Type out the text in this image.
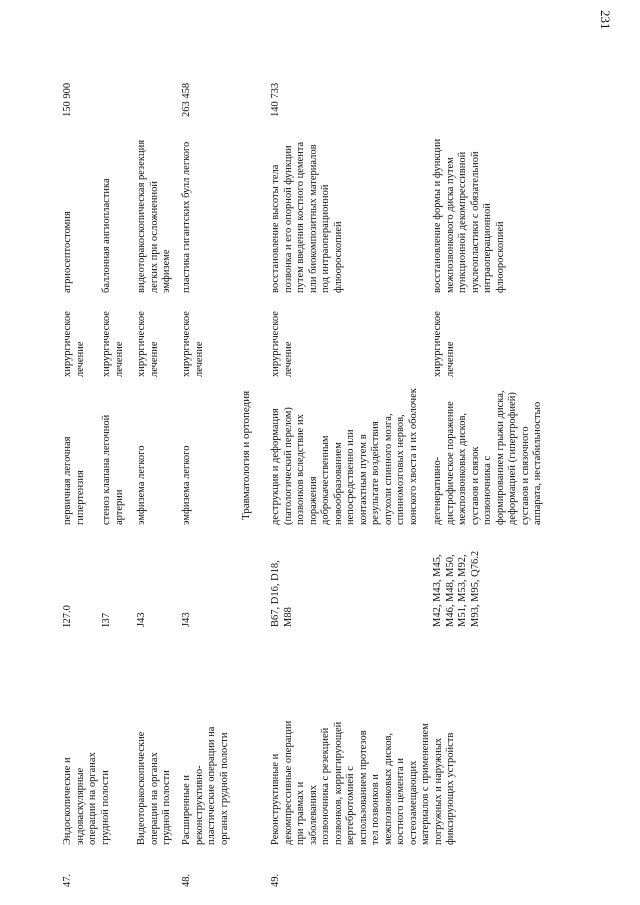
231
47.
Эндоскопические и
эндоваскулярные
операции на органах
грудной полости
I27.0
первичная легочная
гипертензия
хирургическое
лечение
атриосептостомия
150 900
I37
стеноз клапана легочной
артерии
хирургическое
лечение
баллонная ангиопластика
Видеоторакоскопические
операции на органах
грудной полости
J43
эмфизема легкого
хирургическое
лечение
видеоторакоскопическая резекция
легких при осложненной
эмфиземе
48.
Расширенные и
реконструктивно-
пластические операции на
органах грудной полости
J43
эмфизема легкого
хирургическое
лечение
пластика гигантских булл легкого
263 458
Травматология и ортопедия
49.
Реконструктивные и
декомпрессивные операции
при травмах и
заболеваниях
позвоночника с резекцией
позвонков, корригирующей
вертебротомией с
использованием протезов
тел позвонков и
межпозвонковых дисков,
костного цемента и
остеозамещающих
материалов с применением
погружных и наружных
фиксирующих устройств
B67, D16, D18,
M88
деструкция и деформация
(патологический перелом)
позвонков вследствие их
поражения
доброкачественным
новообразованием
непосредственно или
контактным путем в
результате воздействия
опухоли спинного мозга,
спинномозговых нервов,
конского хвоста и их оболочек
хирургическое
лечение
восстановление высоты тела
позвонка и его опорной функции
путем введения костного цемента
или биокомпозитных материалов
под интраоперационной
флюороскопией
140 733
M42, M43, M45,
M46, M48, M50,
M51, M53, M92,
M93, M95, Q76.2
дегенеративно-
дистрофическое поражение
межпозвонковых дисков,
суставов и связок
позвоночника с
формированием грыжи диска,
деформацией (гипертрофией)
суставов и связочного
аппарата, нестабильностью
хирургическое
лечение
восстановление формы и функции
межпозвонкового диска путем
пункционной декомпрессивной
нуклеопластики с обязательной
интраоперационной
флюороскопией
